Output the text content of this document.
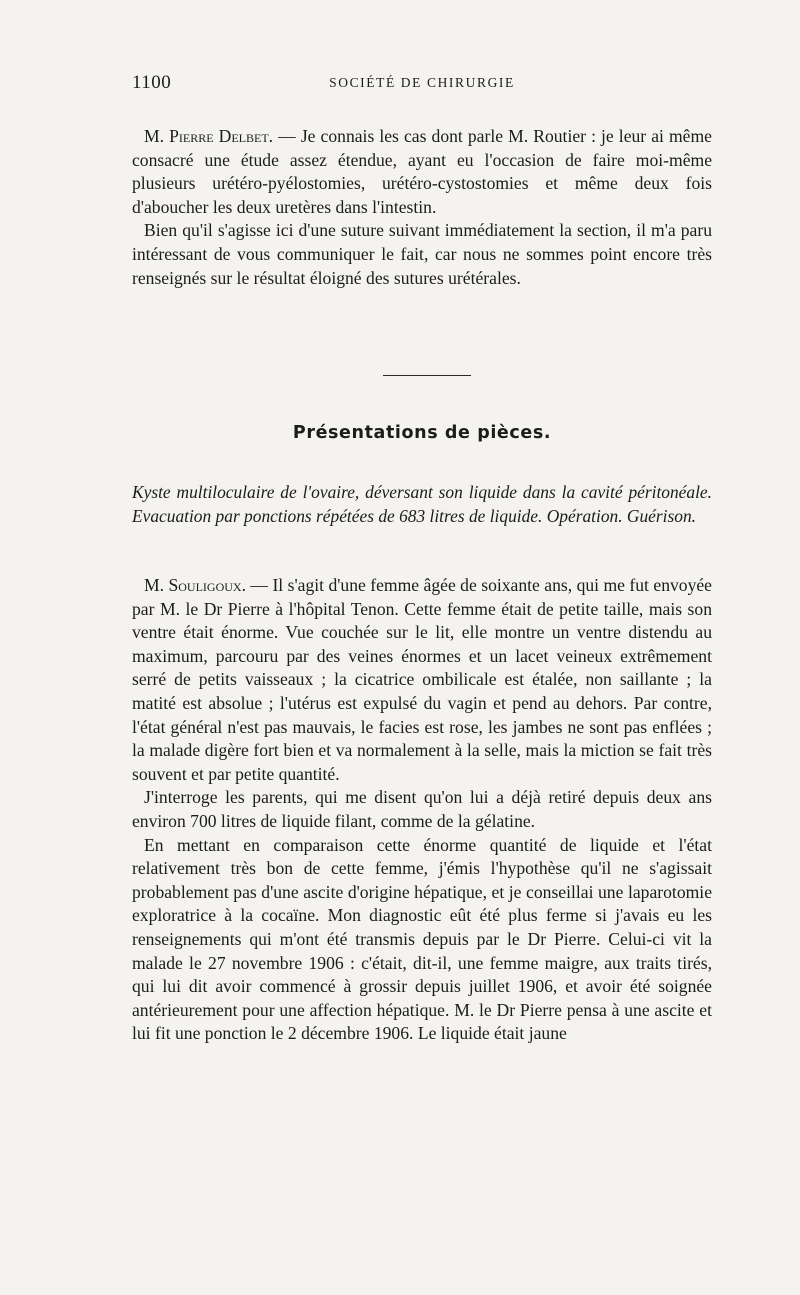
1100	SOCIÉTÉ DE CHIRURGIE

M. Pierre Delbet. — Je connais les cas dont parle M. Routier : je leur ai même consacré une étude assez étendue, ayant eu l'occasion de faire moi-même plusieurs urétéro-pyélostomies, urétéro-cystostomies et même deux fois d'aboucher les deux uretères dans l'intestin.

Bien qu'il s'agisse ici d'une suture suivant immédiatement la section, il m'a paru intéressant de vous communiquer le fait, car nous ne sommes point encore très renseignés sur le résultat éloigné des sutures urétérales.

Présentations de pièces.

Kyste multiloculaire de l'ovaire, déversant son liquide dans la cavité péritonéale. Evacuation par ponctions répétées de 683 litres de liquide. Opération. Guérison.

M. Souligoux. — Il s'agit d'une femme âgée de soixante ans, qui me fut envoyée par M. le Dr Pierre à l'hôpital Tenon. Cette femme était de petite taille, mais son ventre était énorme. Vue couchée sur le lit, elle montre un ventre distendu au maximum, parcouru par des veines énormes et un lacet veineux extrêmement serré de petits vaisseaux ; la cicatrice ombilicale est étalée, non saillante ; la matité est absolue ; l'utérus est expulsé du vagin et pend au dehors. Par contre, l'état général n'est pas mauvais, le facies est rose, les jambes ne sont pas enflées ; la malade digère fort bien et va normalement à la selle, mais la miction se fait très souvent et par petite quantité.

J'interroge les parents, qui me disent qu'on lui a déjà retiré depuis deux ans environ 700 litres de liquide filant, comme de la gélatine.

En mettant en comparaison cette énorme quantité de liquide et l'état relativement très bon de cette femme, j'émis l'hypothèse qu'il ne s'agissait probablement pas d'une ascite d'origine hépatique, et je conseillai une laparotomie exploratrice à la cocaïne. Mon diagnostic eût été plus ferme si j'avais eu les renseignements qui m'ont été transmis depuis par le Dr Pierre. Celui-ci vit la malade le 27 novembre 1906 : c'était, dit-il, une femme maigre, aux traits tirés, qui lui dit avoir commencé à grossir depuis juillet 1906, et avoir été soignée antérieurement pour une affection hépatique. M. le Dr Pierre pensa à une ascite et lui fit une ponction le 2 décembre 1906. Le liquide était jaune
